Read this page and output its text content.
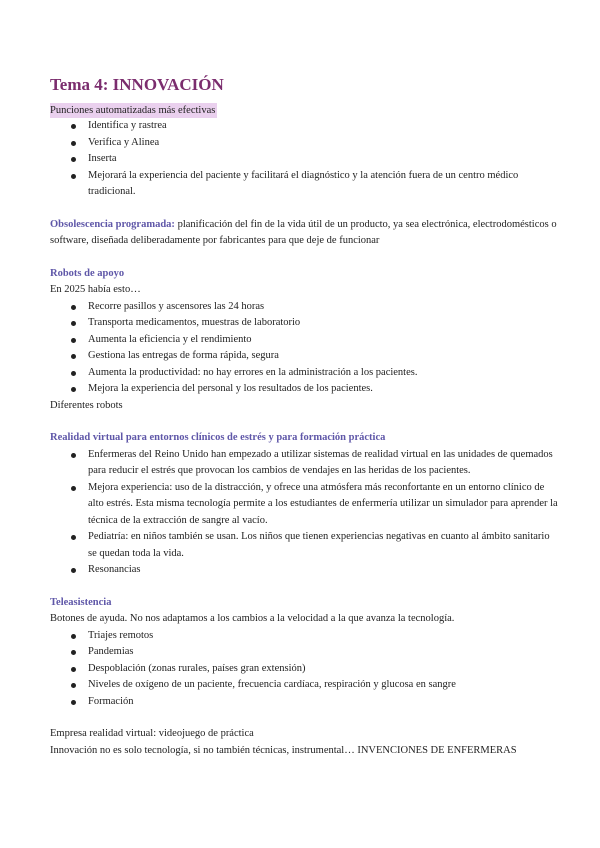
Tema 4: INNOVACIÓN
Punciones automatizadas más efectivas
Identifica y rastrea
Verifica y Alinea
Inserta
Mejorará la experiencia del paciente y facilitará el diagnóstico y la atención fuera de un centro médico tradicional.

Obsolescencia programada: planificación del fin de la vida útil de un producto, ya sea electrónica, electrodomésticos o software, diseñada deliberadamente por fabricantes para que deje de funcionar

Robots de apoyo

En 2025 había esto…

Recorre pasillos y ascensores las 24 horas
Transporta medicamentos, muestras de laboratorio
Aumenta la eficiencia y el rendimiento
Gestiona las entregas de forma rápida, segura
Aumenta la productividad: no hay errores en la administración a los pacientes.
Mejora la experiencia del personal y los resultados de los pacientes.

Diferentes robots

Realidad virtual para entornos clínicos de estrés y para formación práctica
Enfermeras del Reino Unido han empezado a utilizar sistemas de realidad virtual en las unidades de quemados para reducir el estrés que provocan los cambios de vendajes en las heridas de los pacientes.
Mejora experiencia: uso de la distracción, y ofrece una atmósfera más reconfortante en un entorno clínico de alto estrés. Esta misma tecnología permite a los estudiantes de enfermería utilizar un simulador para aprender la técnica de la extracción de sangre al vacío.
Pediatría: en niños también se usan. Los niños que tienen experiencias negativas en cuanto al ámbito sanitario se quedan toda la vida.
Resonancias
Teleasistencia

Botones de ayuda. No nos adaptamos a los cambios a la velocidad a la que avanza la tecnología.

Triajes remotos
Pandemias
Despoblación (zonas rurales, países gran extensión)
Niveles de oxígeno de un paciente, frecuencia cardíaca, respiración y glucosa en sangre
Formación

Empresa realidad virtual: videojuego de práctica

Innovación no es solo tecnología, si no también técnicas, instrumental… INVENCIONES DE ENFERMERAS
